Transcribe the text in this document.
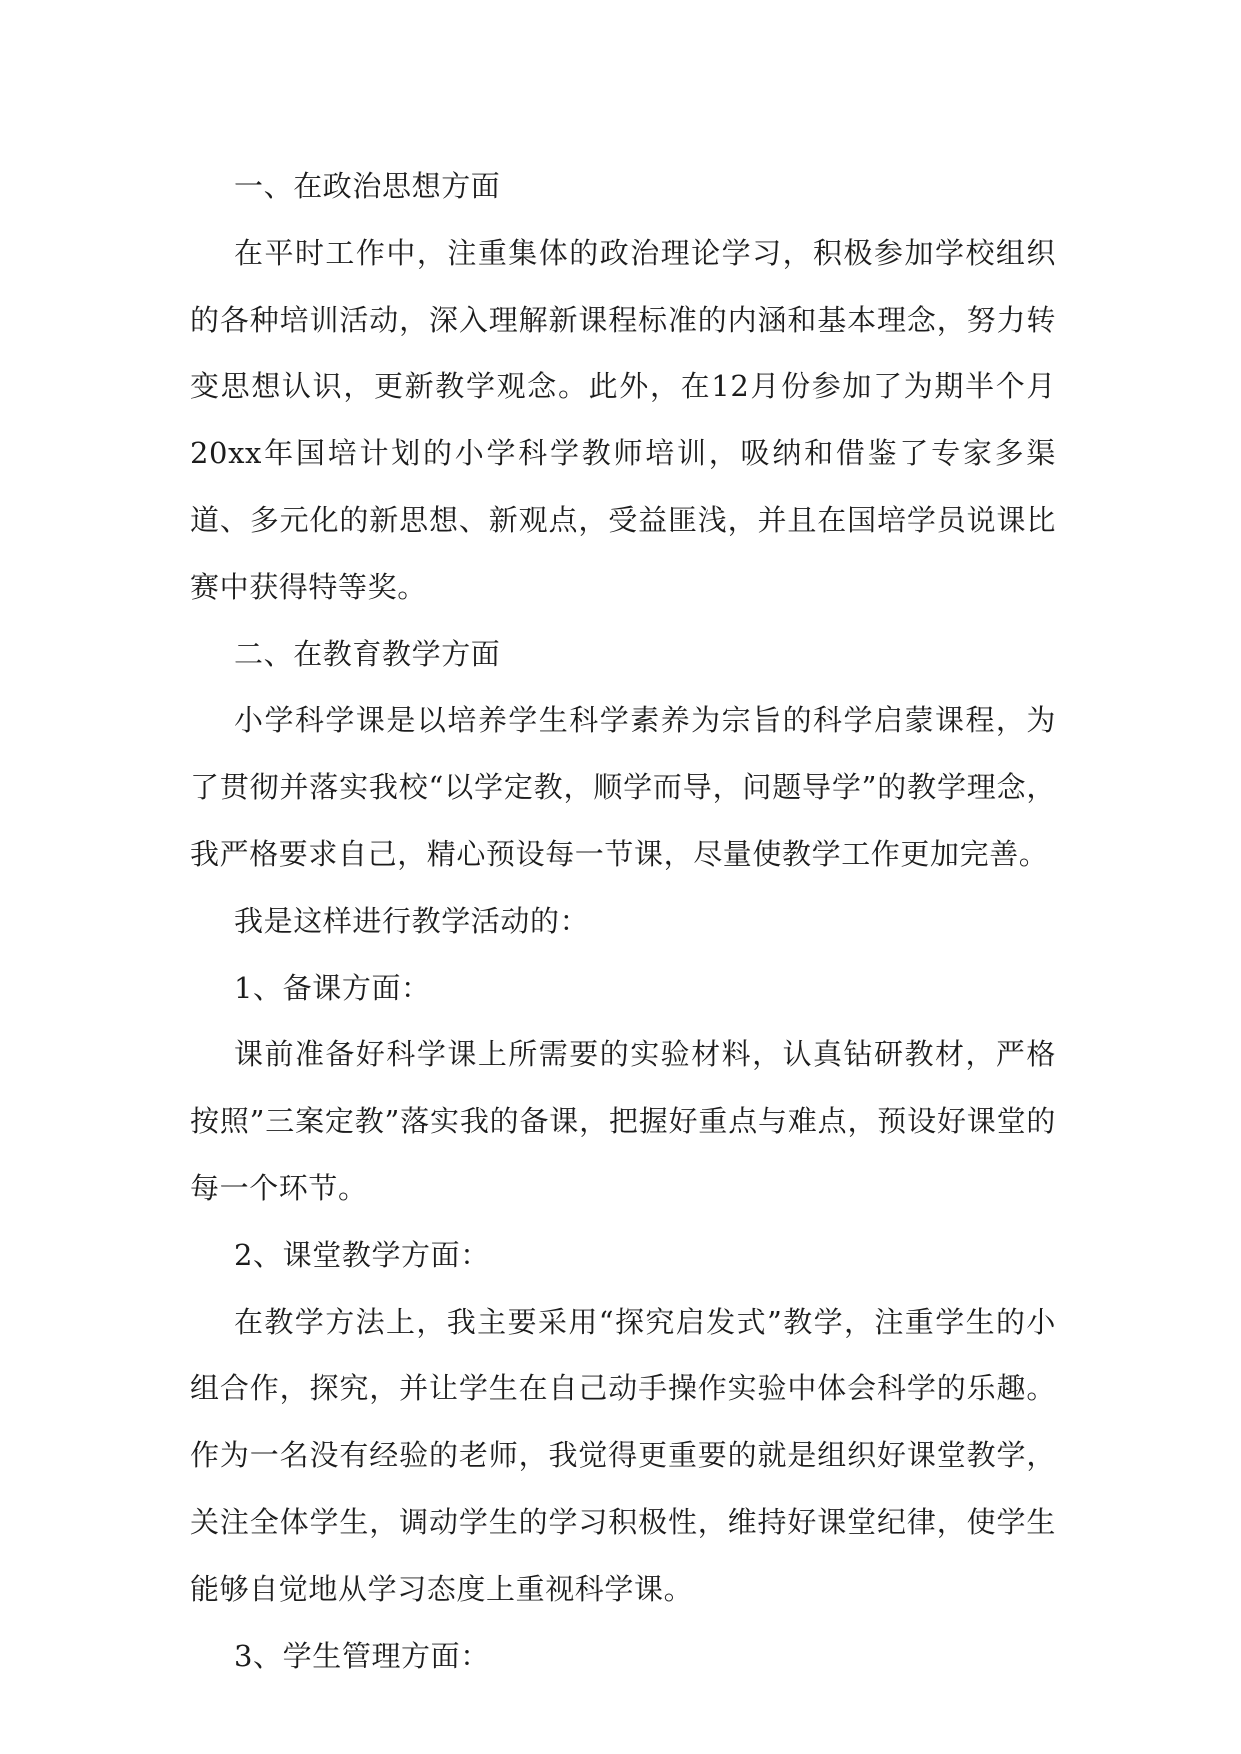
一、在政治思想方面

在平时工作中，注重集体的政治理论学习，积极参加学校组织的各种培训活动，深入理解新课程标准的内涵和基本理念，努力转变思想认识，更新教学观念。此外，在12月份参加了为期半个月20xx年国培计划的小学科学教师培训，吸纳和借鉴了专家多渠道、多元化的新思想、新观点，受益匪浅，并且在国培学员说课比赛中获得特等奖。

二、在教育教学方面

小学科学课是以培养学生科学素养为宗旨的科学启蒙课程，为了贯彻并落实我校“以学定教，顺学而导，问题导学”的教学理念，我严格要求自己，精心预设每一节课，尽量使教学工作更加完善。

我是这样进行教学活动的：

1、备课方面：

课前准备好科学课上所需要的实验材料，认真钻研教材，严格按照”三案定教”落实我的备课，把握好重点与难点，预设好课堂的每一个环节。

2、课堂教学方面：

在教学方法上，我主要采用“探究启发式”教学，注重学生的小组合作，探究，并让学生在自己动手操作实验中体会科学的乐趣。作为一名没有经验的老师，我觉得更重要的就是组织好课堂教学，关注全体学生，调动学生的学习积极性，维持好课堂纪律，使学生能够自觉地从学习态度上重视科学课。

3、学生管理方面：
